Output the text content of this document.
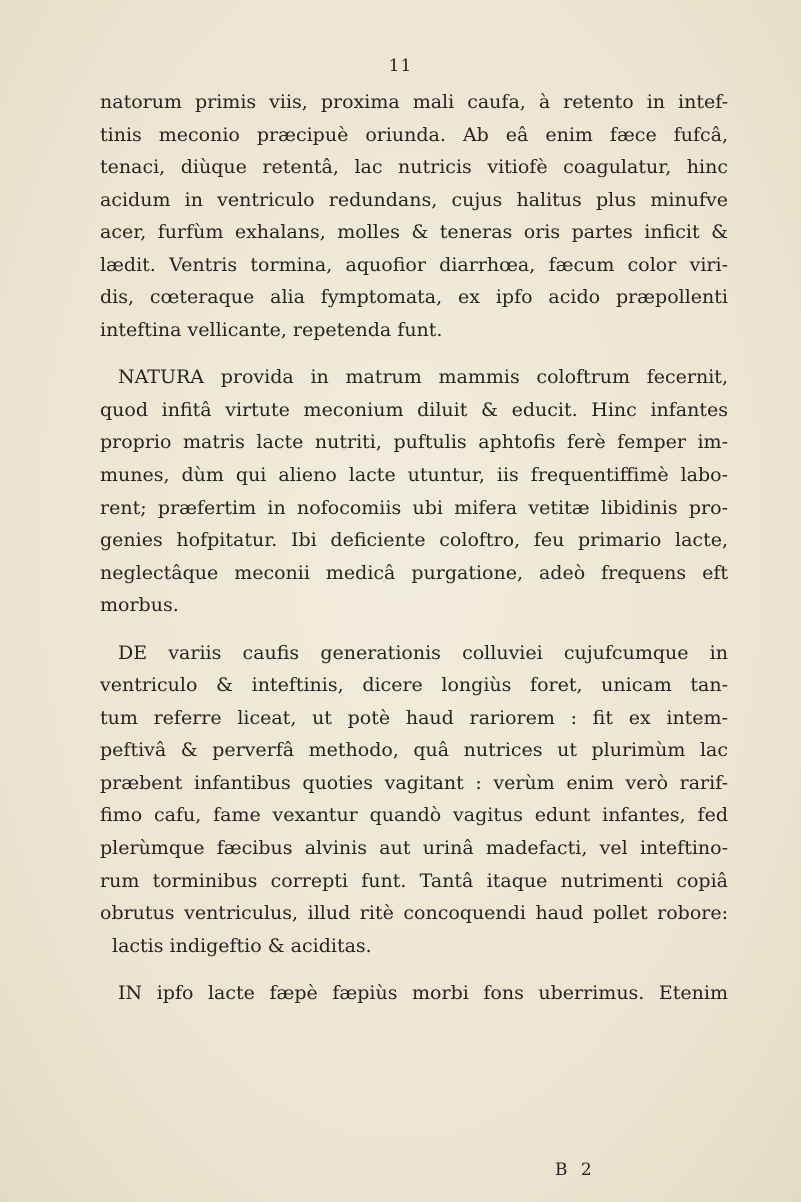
11
natorum primis viis, proxima mali caufa, à retento in intef-
tinis meconio præcipuè oriunda. Ab eâ enim fæce fufcâ,
tenaci, diùque retentâ, lac nutricis vitiofè coagulatur, hinc
acidum in ventriculo redundans, cujus halitus plus minufve
acer, furfùm exhalans, molles & teneras oris partes inficit &
lædit. Ventris tormina, aquofior diarrhœa, fæcum color viri-
dis, cœteraque alia fymptomata, ex ipfo acido præpollenti
inteftina vellicante, repetenda funt.
NATURA provida in matrum mammis coloftrum fecernit,
quod infitâ virtute meconium diluit & educit. Hinc infantes
proprio matris lacte nutriti, puftulis aphtofis ferè femper im-
munes, dùm qui alieno lacte utuntur, iis frequentiffimè labo-
rent; præfertim in nofocomiis ubi mifera vetitæ libidinis pro-
genies hofpitatur. Ibi deficiente coloftro, feu primario lacte,
neglectâque meconii medicâ purgatione, adeò frequens eft
morbus.
DE variis caufis generationis colluviei cujufcumque in
ventriculo & inteftinis, dicere longiùs foret, unicam tan-
tum referre liceat, ut potè haud rariorem : fit ex intem-
peftivâ & perverfâ methodo, quâ nutrices ut plurimùm lac
præbent infantibus quoties vagitant : verùm enim verò rarif-
fimo cafu, fame vexantur quandò vagitus edunt infantes, fed
plerùmque fæcibus alvinis aut urinâ madefacti, vel inteftino-
rum torminibus correpti funt. Tantâ itaque nutrimenti copiâ
obrutus ventriculus, illud ritè concoquendi haud pollet robore:
lactis indigeftio & aciditas.
IN ipfo lacte fæpè fæpiùs morbi fons uberrimus. Etenim
B 2
